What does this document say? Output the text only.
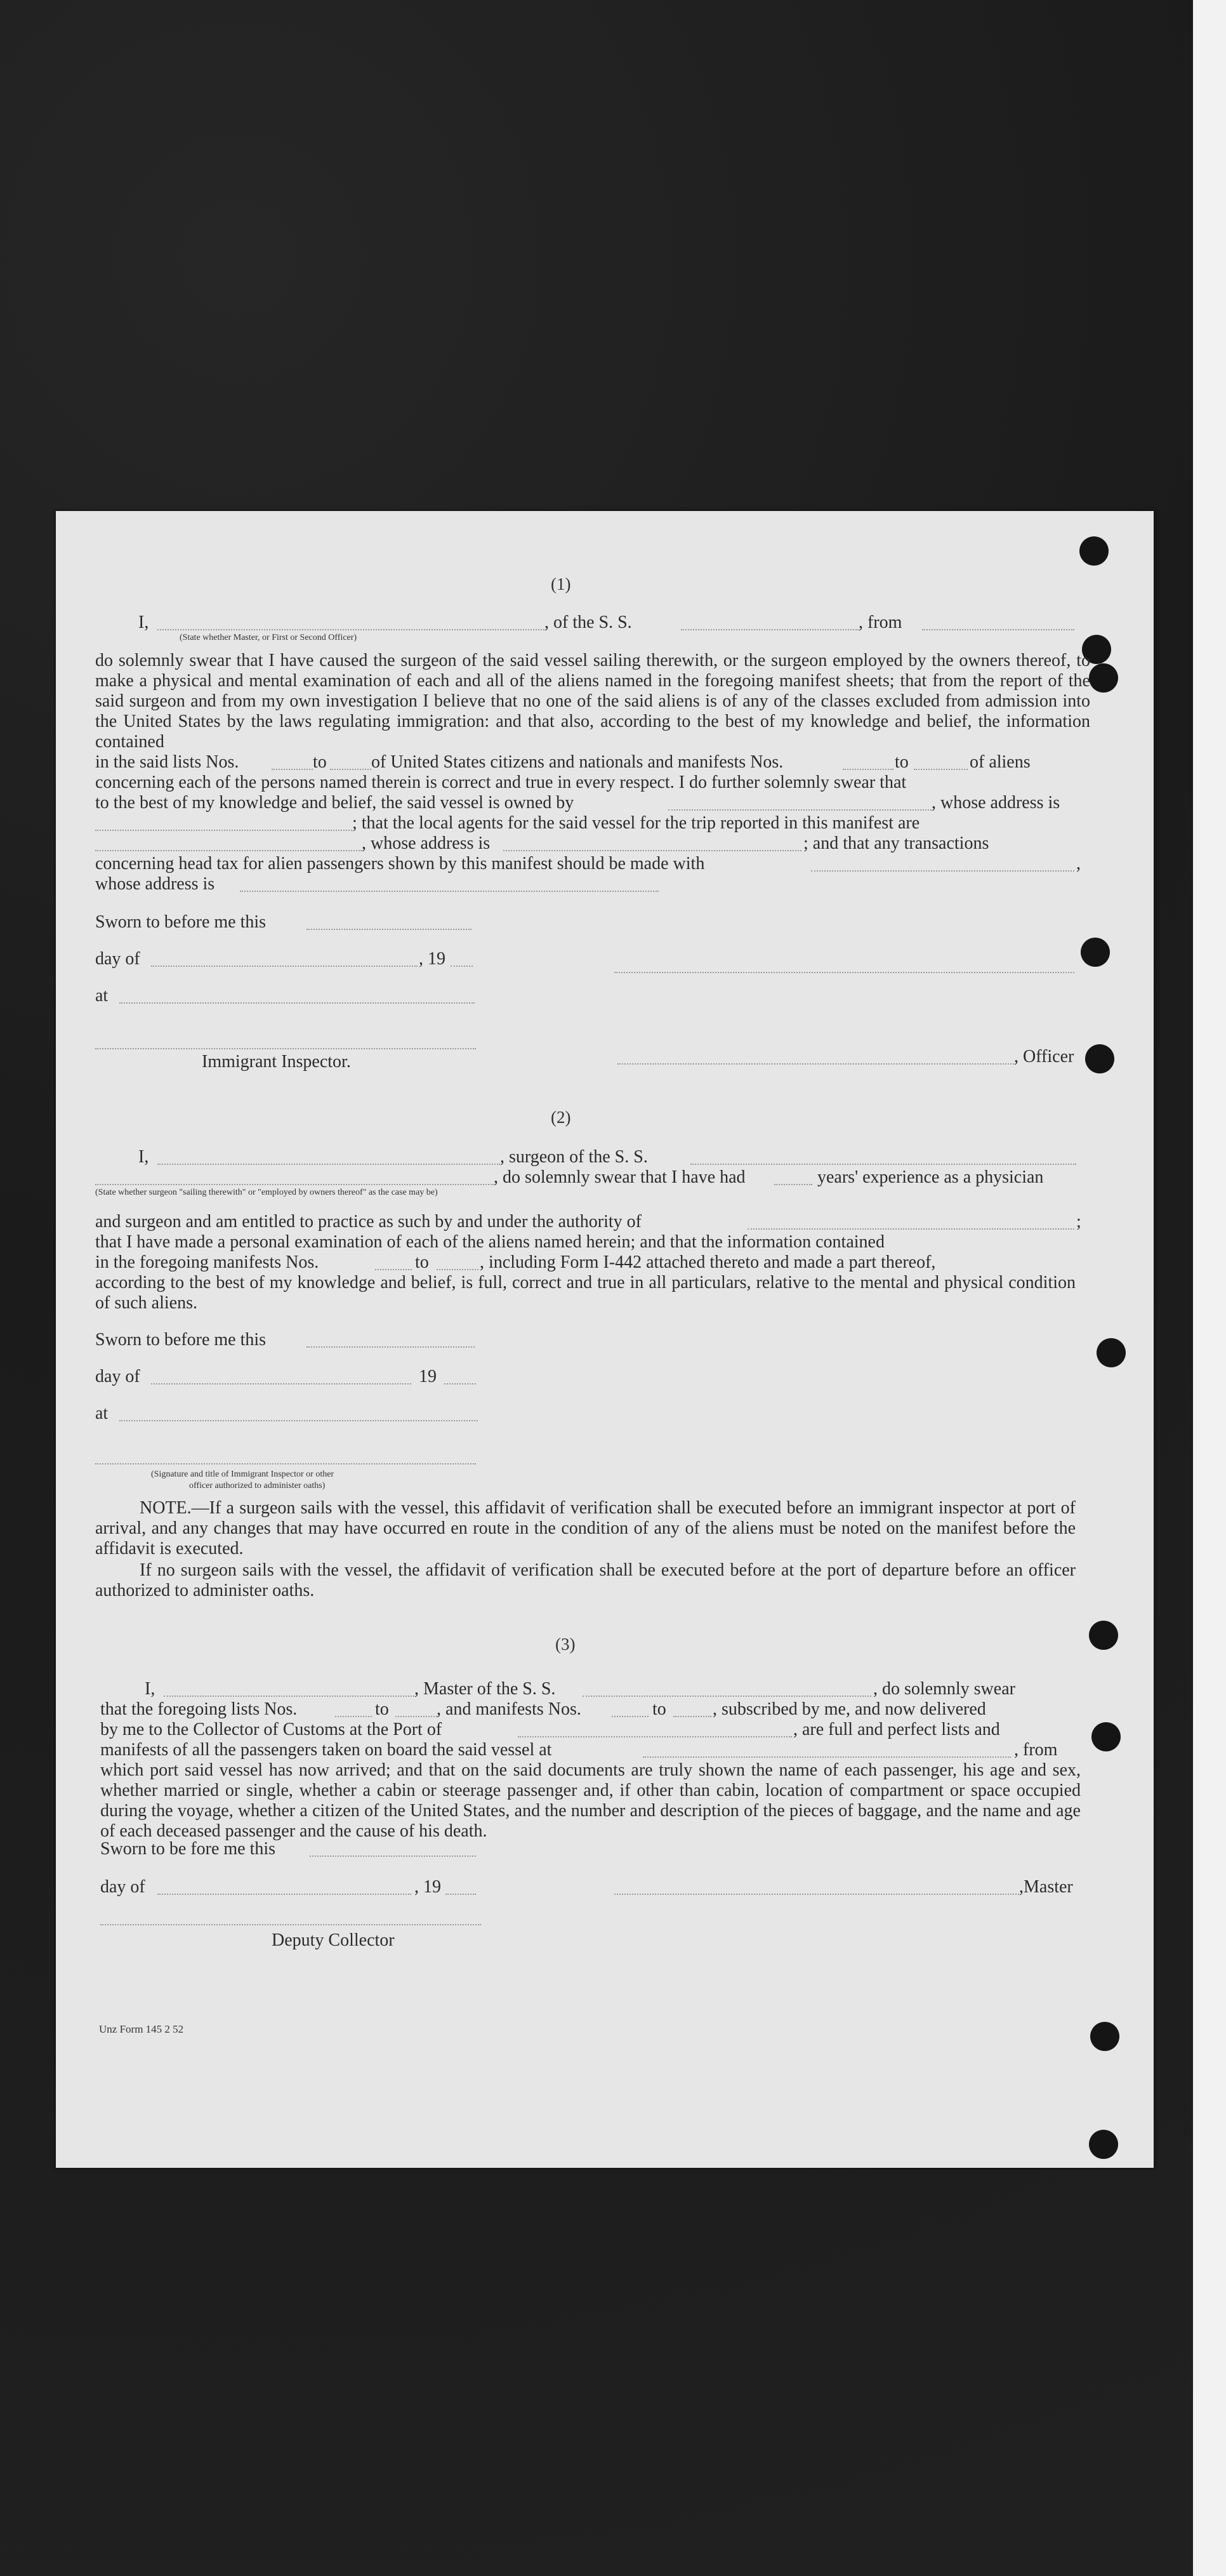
(1)
I,	, of the S. S.	, from
(State whether Master, or First or Second Officer)
do solemnly swear that I have caused the surgeon of the said vessel sailing therewith, or the surgeon employed by the owners thereof, to make a physical and mental examination of each and all of the aliens named in the foregoing manifest sheets; that from the report of the said surgeon and from my own investigation I believe that no one of the said aliens is of any of the classes excluded from admission into the United States by the laws regulating immigration: and that also, according to the best of my knowledge and belief, the information contained
in the said lists Nos.	to	of United States citizens and nationals and manifests Nos.	to	of aliens
concerning each of the persons named therein is correct and true in every respect. I do further solemnly swear that
to the best of my knowledge and belief, the said vessel is owned by	, whose address is
; that the local agents for the said vessel for the trip reported in this manifest are
, whose address is	; and that any transactions
concerning head tax for alien passengers shown by this manifest should be made with	,
whose address is
Sworn to before me this
day of	, 19
at
Immigrant Inspector.	, Officer
(2)
I,	, surgeon of the S. S.
, do solemnly swear that I have had	years' experience as a physician
(State whether surgeon "sailing therewith" or "employed by owners thereof" as the case may be)
and surgeon and am entitled to practice as such by and under the authority of	;
that I have made a personal examination of each of the aliens named herein; and that the information contained
in the foregoing manifests Nos.	to	, including Form I-442 attached thereto and made a part thereof,
according to the best of my knowledge and belief, is full, correct and true in all particulars, relative to the mental and physical condition of such aliens.
Sworn to before me this
day of	19
at
(Signature and title of Immigrant Inspector or other
officer authorized to administer oaths)
NOTE.—If a surgeon sails with the vessel, this affidavit of verification shall be executed before an immigrant inspector at port of arrival, and any changes that may have occurred en route in the condition of any of the aliens must be noted on the manifest before the affidavit is executed.
If no surgeon sails with the vessel, the affidavit of verification shall be executed before at the port of departure before an officer authorized to administer oaths.
(3)
I,	, Master of the S. S.	, do solemnly swear
that the foregoing lists Nos.	to	, and manifests Nos.	to	, subscribed by me, and now delivered
by me to the Collector of Customs at the Port of	, are full and perfect lists and
manifests of all the passengers taken on board the said vessel at	, from
which port said vessel has now arrived; and that on the said documents are truly shown the name of each passenger, his age and sex, whether married or single, whether a cabin or steerage passenger and, if other than cabin, location of compartment or space occupied during the voyage, whether a citizen of the United States, and the number and description of the pieces of baggage, and the name and age of each deceased passenger and the cause of his death.
Sworn to be fore me this
day of	, 19	,Master
Deputy Collector
Unz Form 145 2 52
